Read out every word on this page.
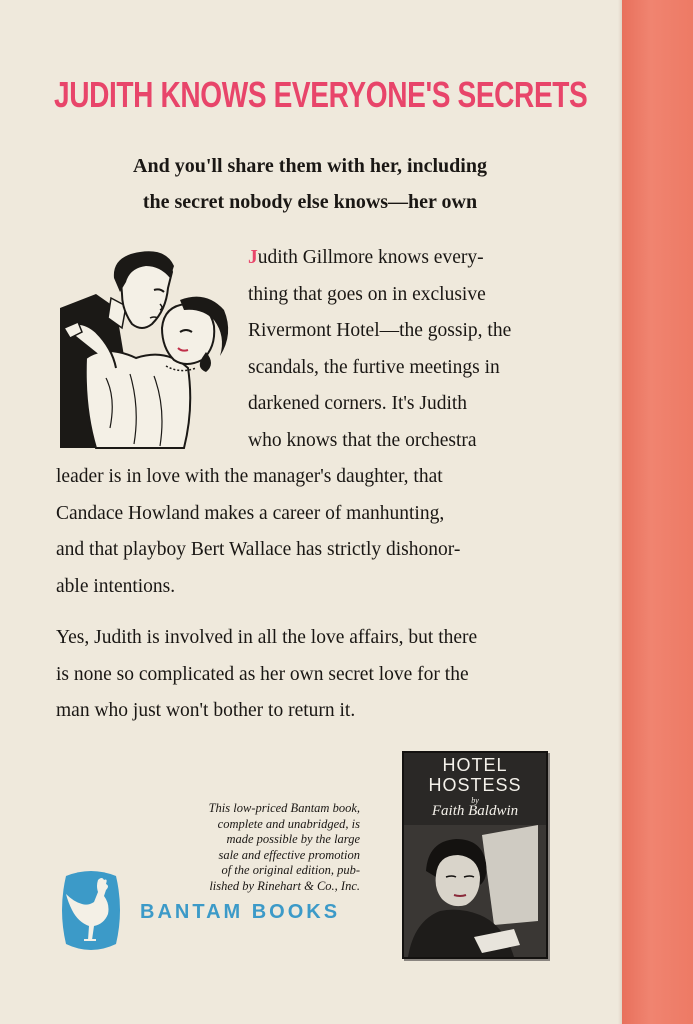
JUDITH KNOWS EVERYONE'S SECRETS
And you'll share them with her, including
the secret nobody else knows—her own
Judith Gillmore knows every-
thing that goes on in exclusive
Rivermont Hotel—the gossip, the
scandals, the furtive meetings in
darkened corners. It's Judith
who knows that the orchestra
leader is in love with the manager's daughter, that
Candace Howland makes a career of manhunting,
and that playboy Bert Wallace has strictly dishonor-
able intentions.
Yes, Judith is involved in all the love affairs, but there
is none so complicated as her own secret love for the
man who just won't bother to return it.
This low-priced Bantam book,
complete and unabridged, is
made possible by the large
sale and effective promotion
of the original edition, pub-
lished by Rinehart & Co., Inc.
BANTAM BOOKS
HOTEL
HOSTESS
by
Faith Baldwin
